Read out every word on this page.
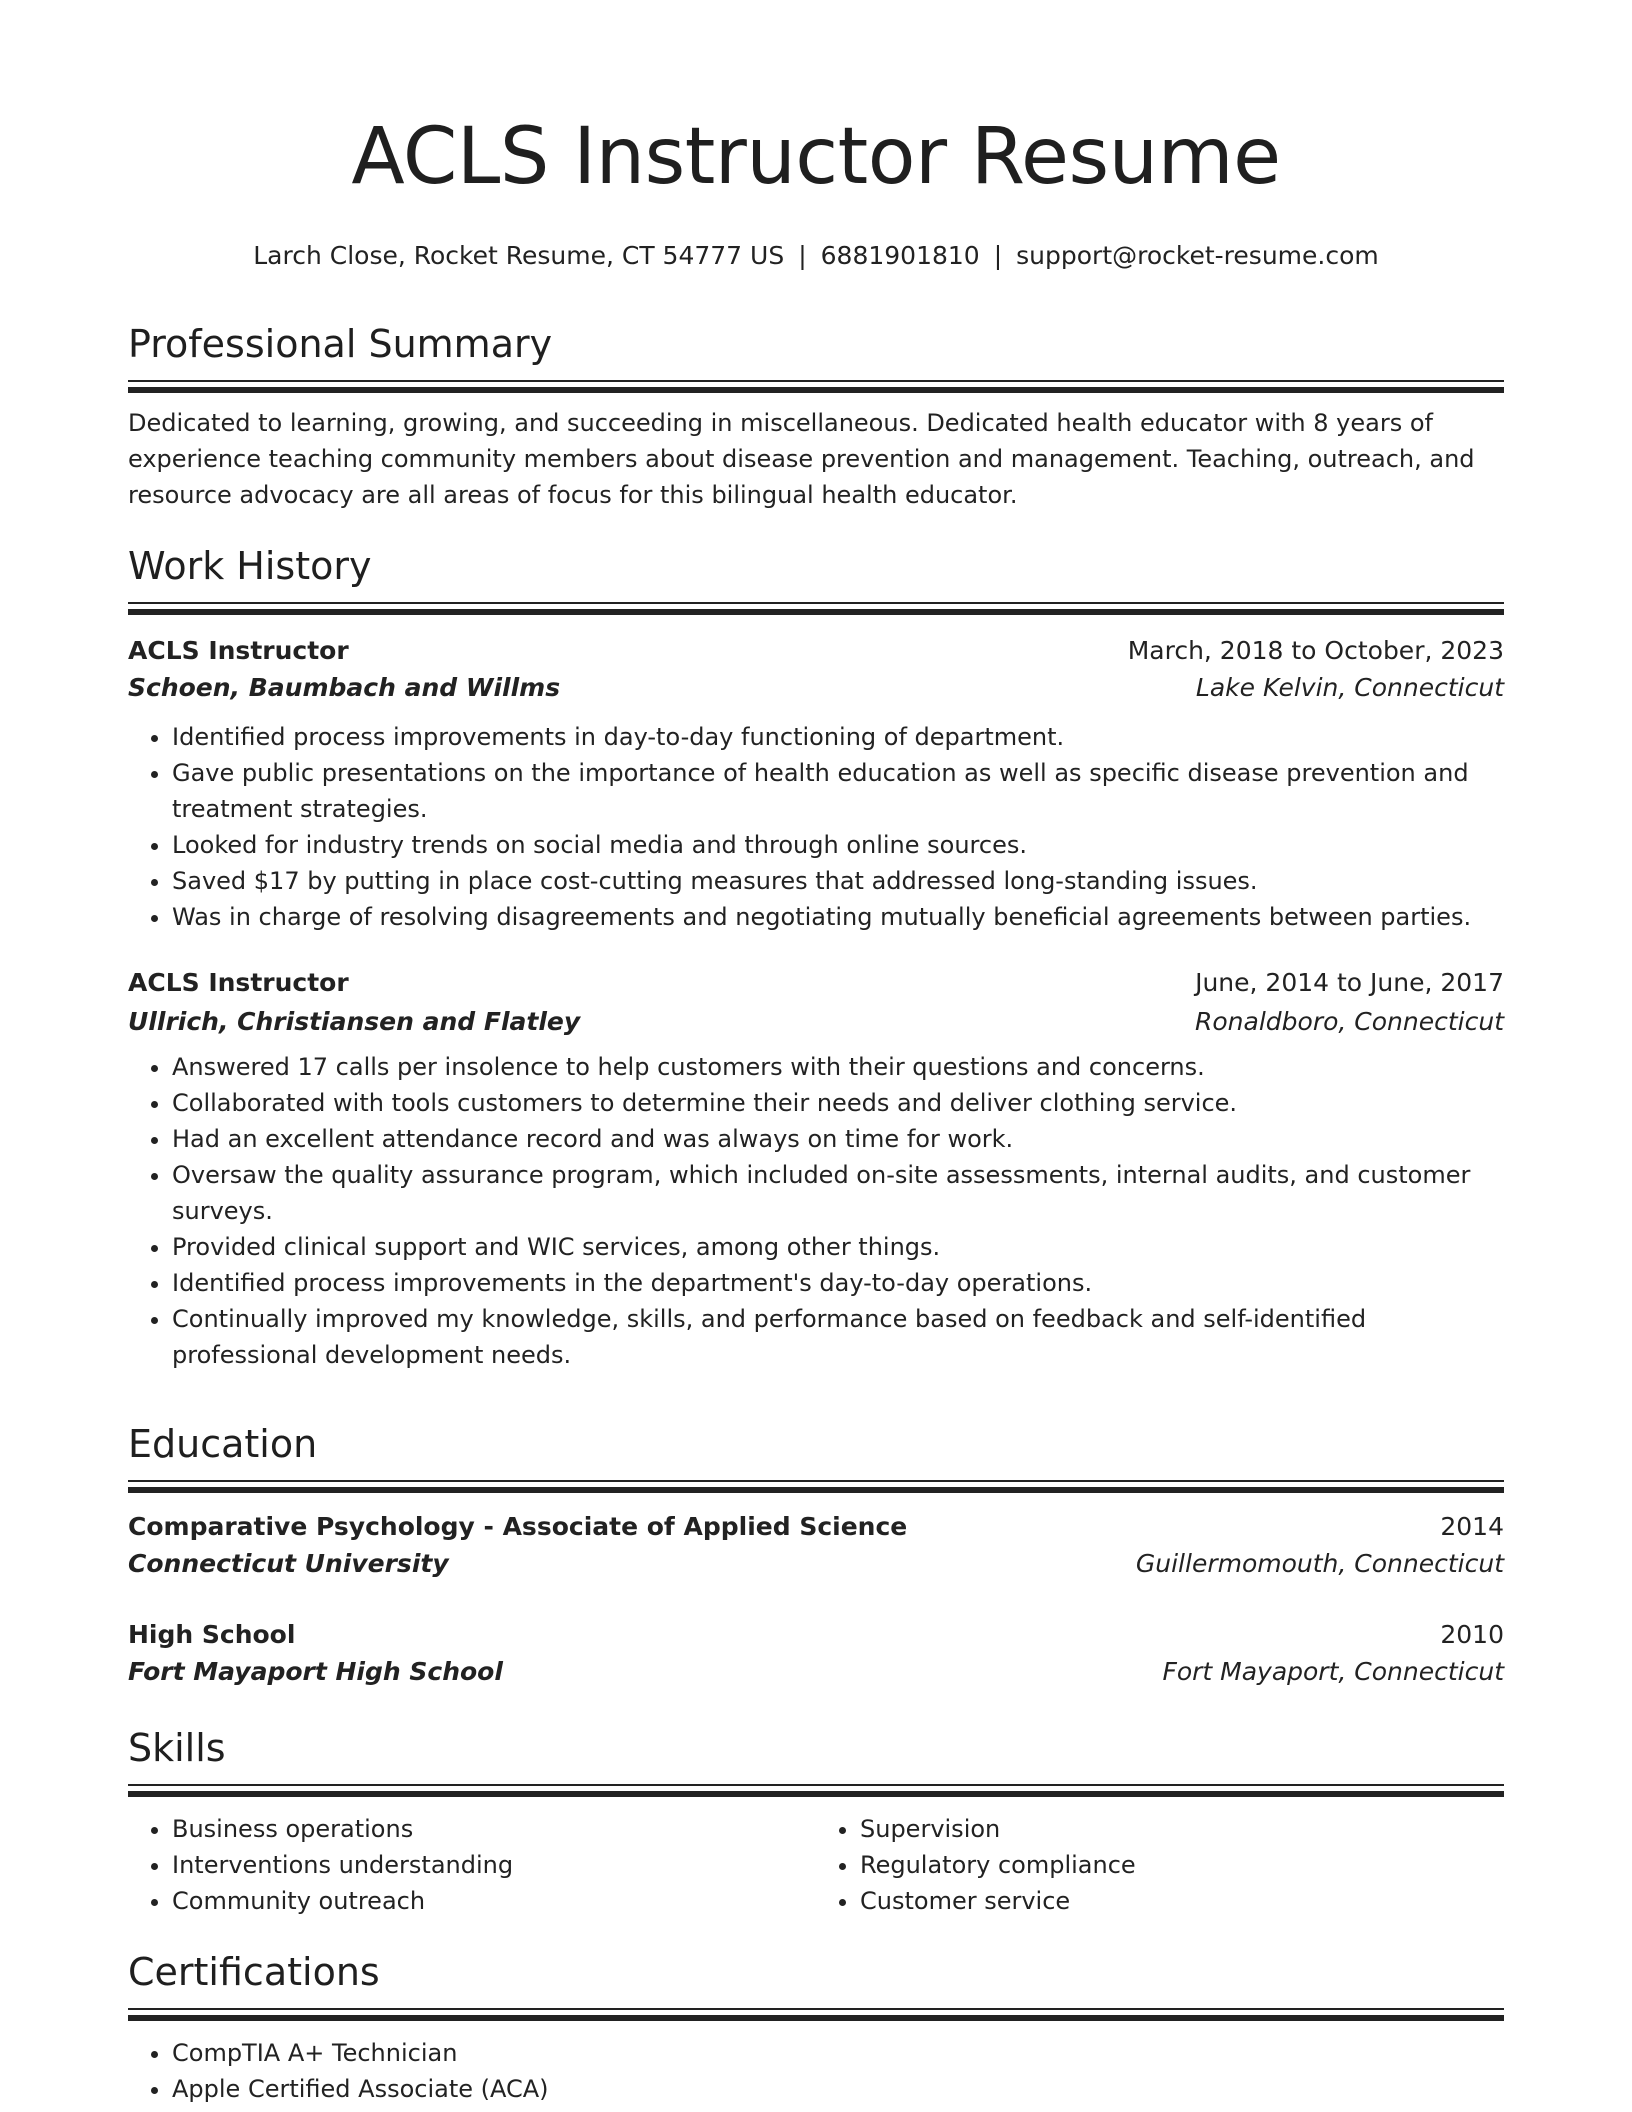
ACLS Instructor Resume
Larch Close, Rocket Resume, CT 54777 US | 6881901810 | support@rocket-resume.com
Professional Summary

Dedicated to learning, growing, and succeeding in miscellaneous. Dedicated health educator with 8 years of experience teaching community members about disease prevention and management. Teaching, outreach, and resource advocacy are all areas of focus for this bilingual health educator.

Work History
ACLS Instructor	March, 2018 to October, 2023
Schoen, Baumbach and Willms	Lake Kelvin, Connecticut
• Identified process improvements in day-to-day functioning of department.
• Gave public presentations on the importance of health education as well as specific disease prevention and treatment strategies.
• Looked for industry trends on social media and through online sources.
• Saved $17 by putting in place cost-cutting measures that addressed long-standing issues.
• Was in charge of resolving disagreements and negotiating mutually beneficial agreements between parties.
ACLS Instructor	June, 2014 to June, 2017
Ullrich, Christiansen and Flatley	Ronaldboro, Connecticut
• Answered 17 calls per insolence to help customers with their questions and concerns.
• Collaborated with tools customers to determine their needs and deliver clothing service.
• Had an excellent attendance record and was always on time for work.
• Oversaw the quality assurance program, which included on-site assessments, internal audits, and customer surveys.
• Provided clinical support and WIC services, among other things.
• Identified process improvements in the department's day-to-day operations.
• Continually improved my knowledge, skills, and performance based on feedback and self-identified professional development needs.
Education
Comparative Psychology - Associate of Applied Science	2014
Connecticut University	Guillermomouth, Connecticut
High School	2010
Fort Mayaport High School	Fort Mayaport, Connecticut
Skills
• Business operations
• Interventions understanding
• Community outreach
• Supervision
• Regulatory compliance
• Customer service
Certifications
• CompTIA A+ Technician
• Apple Certified Associate (ACA)
